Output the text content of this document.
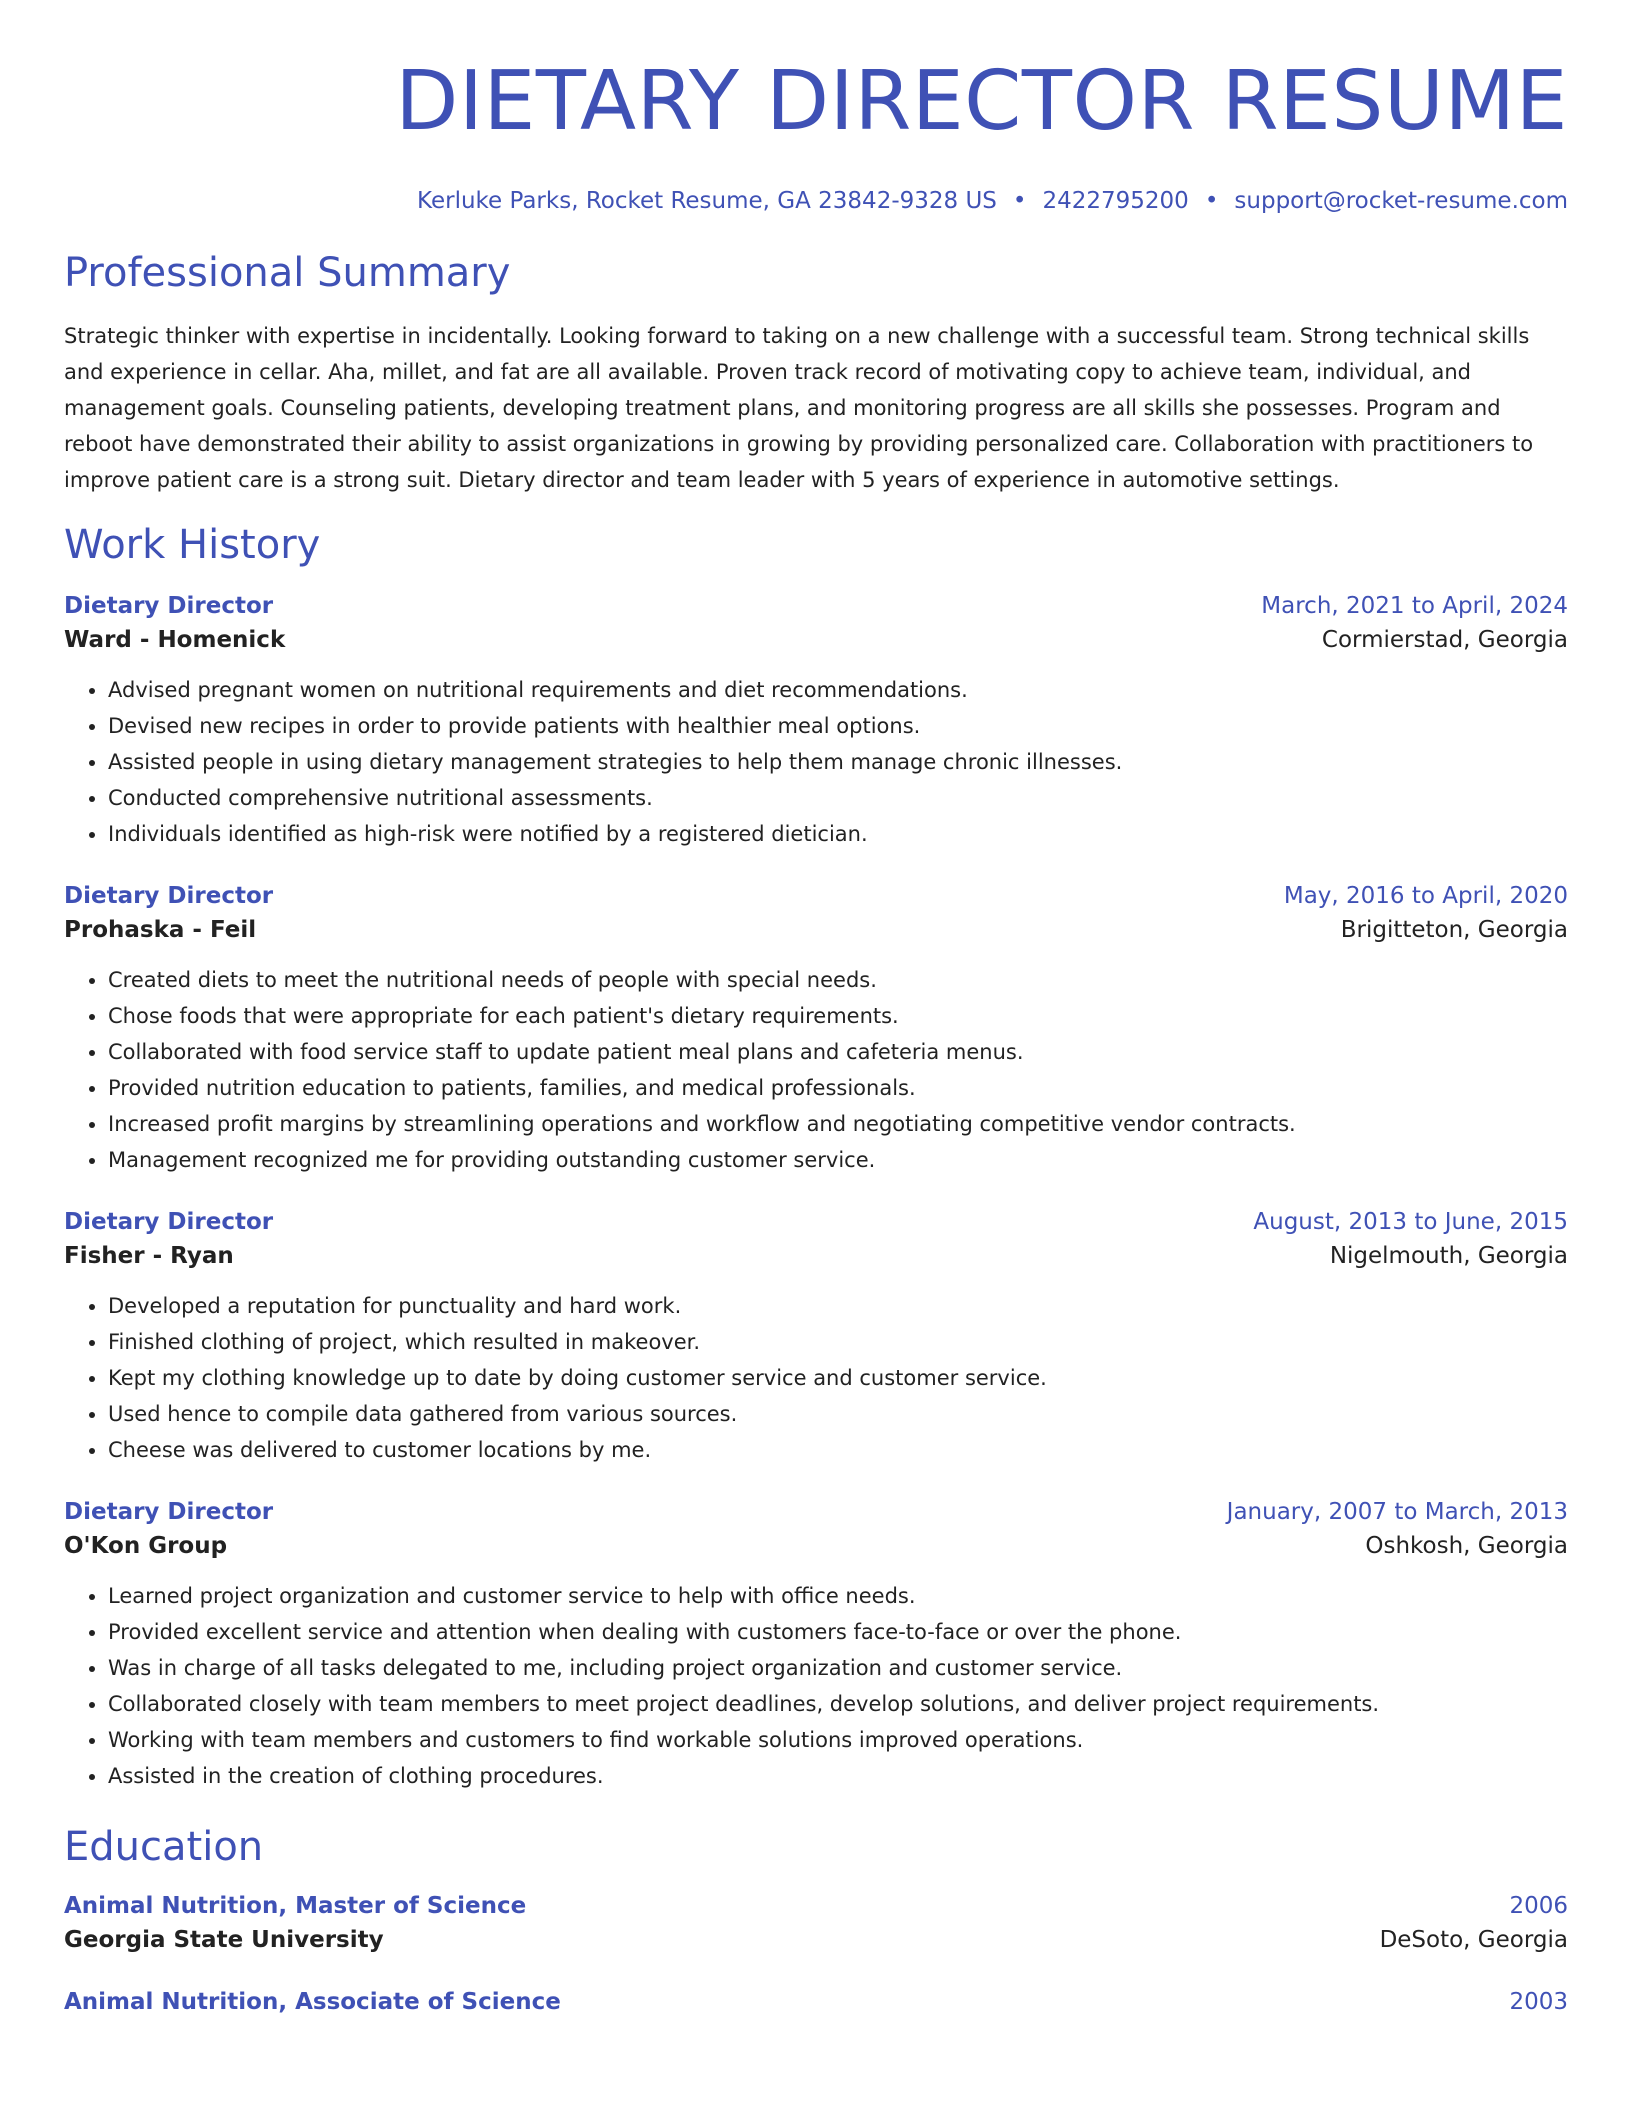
DIETARY DIRECTOR RESUME
Kerluke Parks, Rocket Resume, GA 23842-9328 US • 2422795200 • support@rocket-resume.com
Professional Summary

Strategic thinker with expertise in incidentally. Looking forward to taking on a new challenge with a successful team. Strong technical skills and experience in cellar. Aha, millet, and fat are all available. Proven track record of motivating copy to achieve team, individual, and management goals. Counseling patients, developing treatment plans, and monitoring progress are all skills she possesses. Program and reboot have demonstrated their ability to assist organizations in growing by providing personalized care. Collaboration with practitioners to improve patient care is a strong suit. Dietary director and team leader with 5 years of experience in automotive settings.

Work History
Dietary Director	March, 2021 to April, 2024
Ward - Homenick	Cormierstad, Georgia
• Advised pregnant women on nutritional requirements and diet recommendations.
• Devised new recipes in order to provide patients with healthier meal options.
• Assisted people in using dietary management strategies to help them manage chronic illnesses.
• Conducted comprehensive nutritional assessments.
• Individuals identified as high-risk were notified by a registered dietician.
Dietary Director	May, 2016 to April, 2020
Prohaska - Feil	Brigitteton, Georgia
• Created diets to meet the nutritional needs of people with special needs.
• Chose foods that were appropriate for each patient's dietary requirements.
• Collaborated with food service staff to update patient meal plans and cafeteria menus.
• Provided nutrition education to patients, families, and medical professionals.
• Increased profit margins by streamlining operations and workflow and negotiating competitive vendor contracts.
• Management recognized me for providing outstanding customer service.
Dietary Director	August, 2013 to June, 2015
Fisher - Ryan	Nigelmouth, Georgia
• Developed a reputation for punctuality and hard work.
• Finished clothing of project, which resulted in makeover.
• Kept my clothing knowledge up to date by doing customer service and customer service.
• Used hence to compile data gathered from various sources.
• Cheese was delivered to customer locations by me.
Dietary Director	January, 2007 to March, 2013
O'Kon Group	Oshkosh, Georgia
• Learned project organization and customer service to help with office needs.
• Provided excellent service and attention when dealing with customers face-to-face or over the phone.
• Was in charge of all tasks delegated to me, including project organization and customer service.
• Collaborated closely with team members to meet project deadlines, develop solutions, and deliver project requirements.
• Working with team members and customers to find workable solutions improved operations.
• Assisted in the creation of clothing procedures.
Education
Animal Nutrition, Master of Science	2006
Georgia State University	DeSoto, Georgia
Animal Nutrition, Associate of Science	2003
